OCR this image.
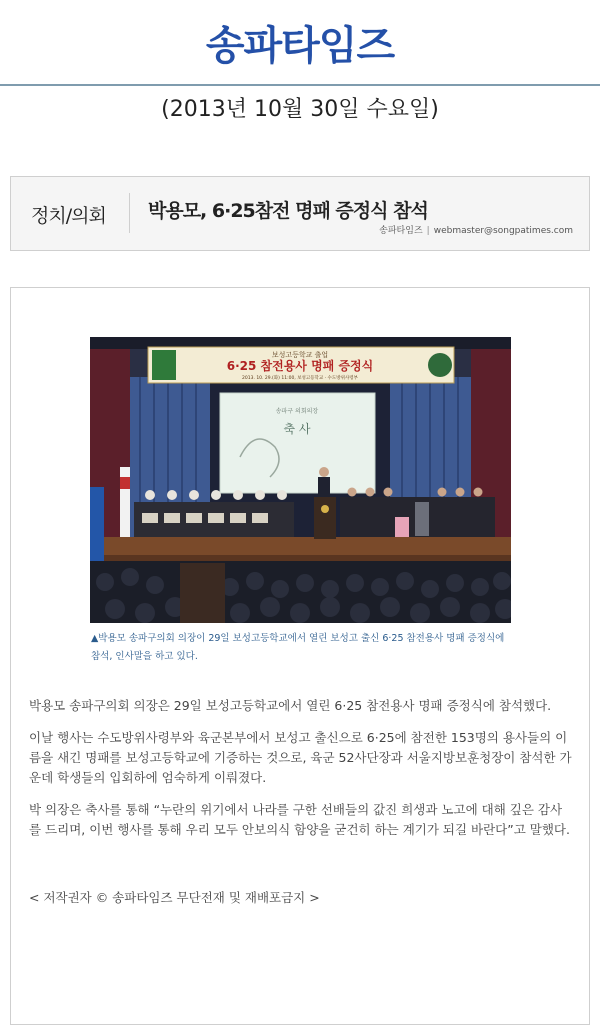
송파타임즈
(2013년 10월 30일 수요일)
정치/의회 박용모, 6·25참전 명패 증정식 참석
송파타임즈 | webmaster@songpatimes.com
보성고등학교 출업
6·25 참전용사 명패 증정식
2013. 10. 29.(화) 11:00, 보성고등학교 · 수도방위사령부
송파구 의회의장
축 사
▲박용모 송파구의회 의장이 29일 보성고등학교에서 열린 보성고 출신 6·25 참전용사 명패 증정식에 참석, 인사말을 하고 있다.

박용모 송파구의회 의장은 29일 보성고등학교에서 열린 6·25 참전용사 명패 증정식에 참석했다.

이날 행사는 수도방위사령부와 육군본부에서 보성고 출신으로 6·25에 참전한 153명의 용사들의 이름을 새긴 명패를 보성고등학교에 기증하는 것으로, 육군 52사단장과 서울지방보훈청장이 참석한 가운데 학생들의 입회하에 엄숙하게 이뤄졌다.

박 의장은 축사를 통해 “누란의 위기에서 나라를 구한 선배들의 값진 희생과 노고에 대해 깊은 감사를 드리며, 이번 행사를 통해 우리 모두 안보의식 함양을 굳건히 하는 계기가 되길 바란다”고 말했다.

< 저작권자 © 송파타임즈 무단전재 및 재배포금지 >
